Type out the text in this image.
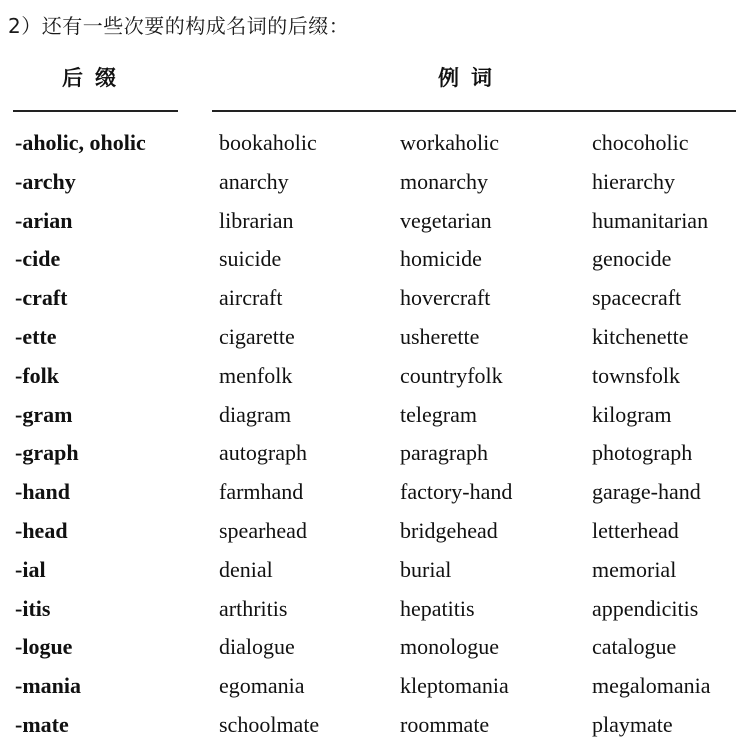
2）还有一些次要的构成名词的后缀：
后缀	例词
-aholic, oholic	bookaholic	workaholic	chocoholic
-archy	anarchy	monarchy	hierarchy
-arian	librarian	vegetarian	humanitarian
-cide	suicide	homicide	genocide
-craft	aircraft	hovercraft	spacecraft
-ette	cigarette	usherette	kitchenette
-folk	menfolk	countryfolk	townsfolk
-gram	diagram	telegram	kilogram
-graph	autograph	paragraph	photograph
-hand	farmhand	factory-hand	garage-hand
-head	spearhead	bridgehead	letterhead
-ial	denial	burial	memorial
-itis	arthritis	hepatitis	appendicitis
-logue	dialogue	monologue	catalogue
-mania	egomania	kleptomania	megalomania
-mate	schoolmate	roommate	playmate
